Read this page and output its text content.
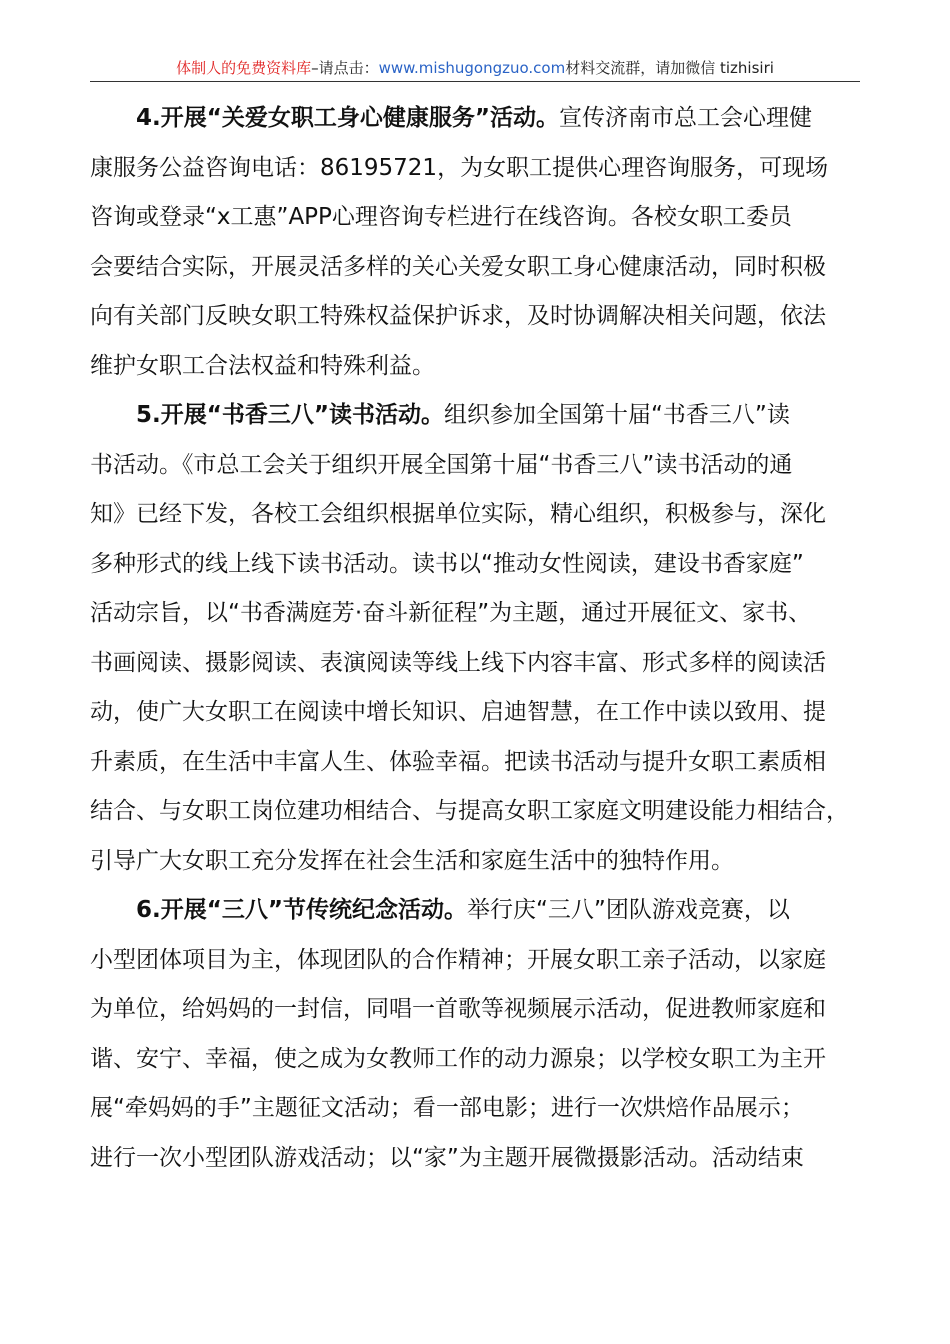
体制人的免费资料库–请点击：www.mishugongzuo.com材料交流群，请加微信 tizhisiri
4.开展“关爱女职工身心健康服务”活动。宣传济南市总工会心理健
康服务公益咨询电话：86195721，为女职工提供心理咨询服务，可现场
咨询或登录“x工惠”APP心理咨询专栏进行在线咨询。各校女职工委员
会要结合实际，开展灵活多样的关心关爱女职工身心健康活动，同时积极
向有关部门反映女职工特殊权益保护诉求，及时协调解决相关问题，依法
维护女职工合法权益和特殊利益。
5.开展“书香三八”读书活动。组织参加全国第十届“书香三八”读
书活动。《市总工会关于组织开展全国第十届“书香三八”读书活动的通
知》已经下发，各校工会组织根据单位实际，精心组织，积极参与，深化
多种形式的线上线下读书活动。读书以“推动女性阅读，建设书香家庭”
活动宗旨，以“书香满庭芳·奋斗新征程”为主题，通过开展征文、家书、
书画阅读、摄影阅读、表演阅读等线上线下内容丰富、形式多样的阅读活
动，使广大女职工在阅读中增长知识、启迪智慧，在工作中读以致用、提
升素质，在生活中丰富人生、体验幸福。把读书活动与提升女职工素质相
结合、与女职工岗位建功相结合、与提高女职工家庭文明建设能力相结合，
引导广大女职工充分发挥在社会生活和家庭生活中的独特作用。
6.开展“三八”节传统纪念活动。举行庆“三八”团队游戏竞赛，以
小型团体项目为主，体现团队的合作精神；开展女职工亲子活动，以家庭
为单位，给妈妈的一封信，同唱一首歌等视频展示活动，促进教师家庭和
谐、安宁、幸福，使之成为女教师工作的动力源泉；以学校女职工为主开
展“牵妈妈的手”主题征文活动；看一部电影；进行一次烘焙作品展示；
进行一次小型团队游戏活动；以“家”为主题开展微摄影活动。活动结束
